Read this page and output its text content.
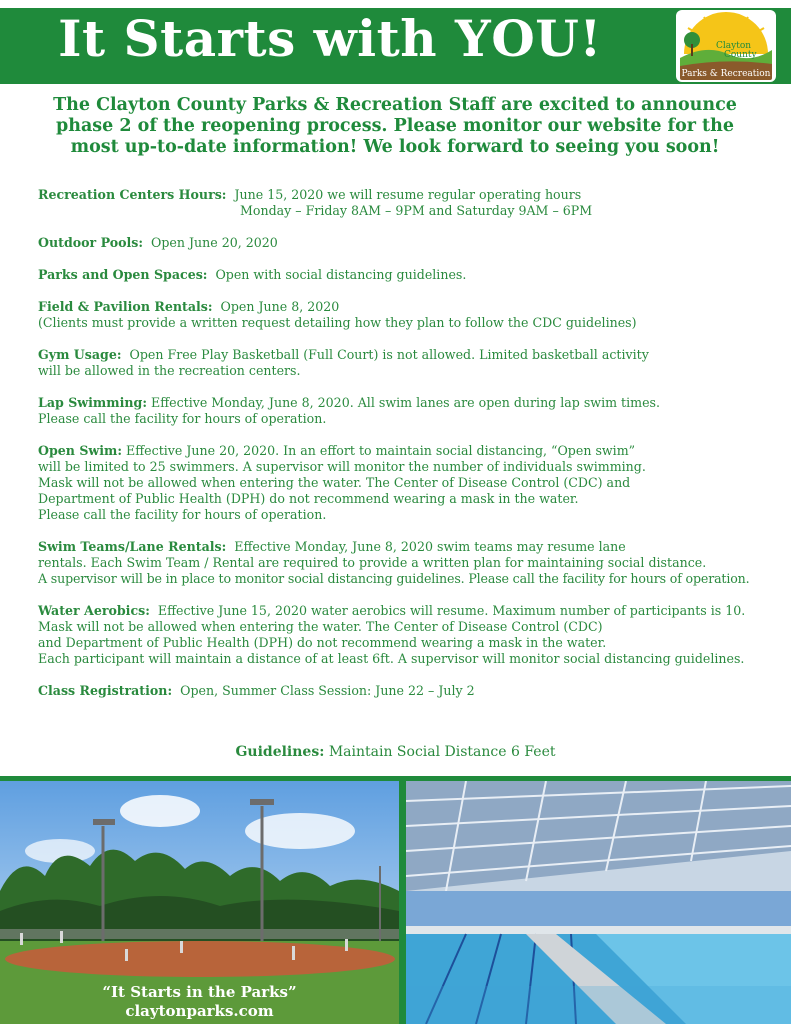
It Starts with YOU!	Clayton
County
Parks & Recreation
The Clayton County Parks & Recreation Staff are excited to announce
phase 2 of the reopening process. Please monitor our website for the
most up-to-date information! We look forward to seeing you soon!
Recreation Centers Hours: June 15, 2020 we will resume regular operating hours
Monday – Friday 8AM – 9PM and Saturday 9AM – 6PM
Outdoor Pools: Open June 20, 2020
Parks and Open Spaces: Open with social distancing guidelines.
Field & Pavilion Rentals: Open June 8, 2020
(Clients must provide a written request detailing how they plan to follow the CDC guidelines)
Gym Usage: Open Free Play Basketball (Full Court) is not allowed. Limited basketball activity
will be allowed in the recreation centers.
Lap Swimming: Effective Monday, June 8, 2020. All swim lanes are open during lap swim times.
Please call the facility for hours of operation.
Open Swim: Effective June 20, 2020. In an effort to maintain social distancing, “Open swim”
will be limited to 25 swimmers. A supervisor will monitor the number of individuals swimming.
Mask will not be allowed when entering the water. The Center of Disease Control (CDC) and
Department of Public Health (DPH) do not recommend wearing a mask in the water.
Please call the facility for hours of operation.
Swim Teams/Lane Rentals: Effective Monday, June 8, 2020 swim teams may resume lane
rentals. Each Swim Team / Rental are required to provide a written plan for maintaining social distance.
A supervisor will be in place to monitor social distancing guidelines. Please call the facility for hours of operation.
Water Aerobics: Effective June 15, 2020 water aerobics will resume. Maximum number of participants is 10.
Mask will not be allowed when entering the water. The Center of Disease Control (CDC)
and Department of Public Health (DPH) do not recommend wearing a mask in the water.
Each participant will maintain a distance of at least 6ft. A supervisor will monitor social distancing guidelines.
Class Registration: Open, Summer Class Session: June 22 – July 2
Guidelines: Maintain Social Distance 6 Feet
“It Starts in the Parks”
claytonparks.com
